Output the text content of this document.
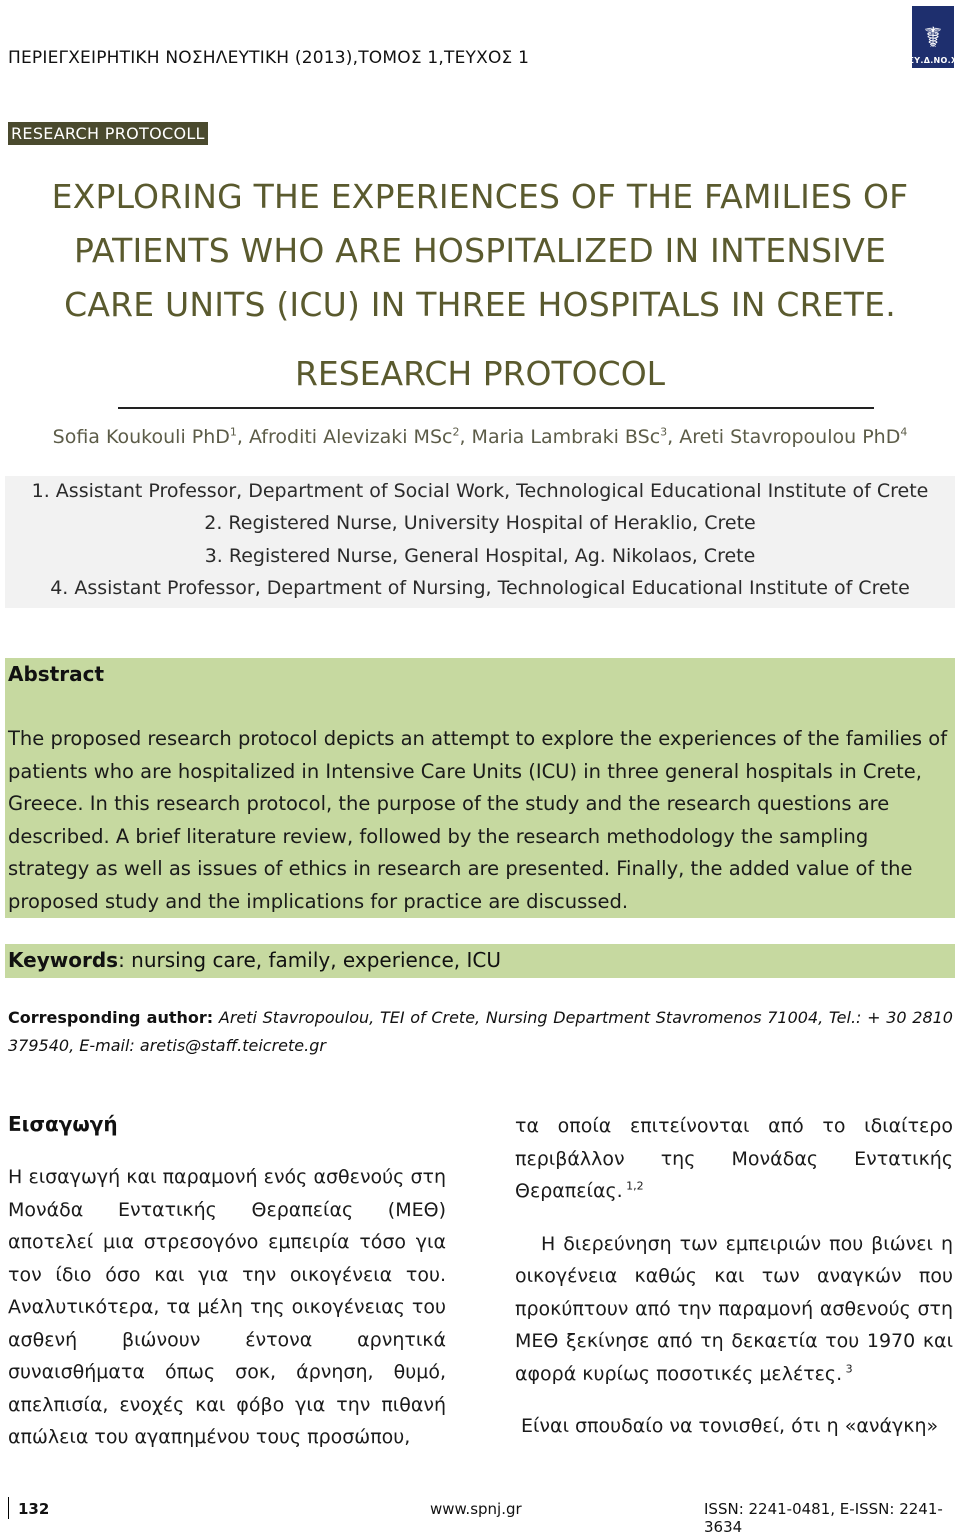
ΠΕΡΙΕΓΧΕΙΡΗΤΙΚΗ ΝΟΣΗΛΕΥΤΙΚΗ (2013),ΤΟΜΟΣ 1,ΤΕΥΧΟΣ 1
☤
ΣΥ.Δ.ΝΟ.Χ
RESEARCH PROTOCOLL
EXPLORING THE EXPERIENCES OF THE FAMILIES OF PATIENTS WHO ARE HOSPITALIZED IN INTENSIVE CARE UNITS (ICU) IN THREE HOSPITALS IN CRETE.
RESEARCH PROTOCOL
Sofia Koukouli PhD$^1$, Afroditi Alevizaki MSc$^2$, Maria Lambraki BSc$^3$, Areti Stavropoulou PhD$^4$
1. Assistant Professor, Department of Social Work, Technological Educational Institute of Crete
2. Registered Nurse, University Hospital of Heraklio, Crete
3. Registered Nurse, General Hospital, Ag. Nikolaos, Crete
4. Assistant Professor, Department of Nursing, Technological Educational Institute of Crete
Abstract
The proposed research protocol depicts an attempt to explore the experiences of the families of patients who are hospitalized in Intensive Care Units (ICU) in three general hospitals in Crete, Greece. In this research protocol, the purpose of the study and the research questions are described. A brief literature review, followed by the research methodology the sampling strategy as well as issues of ethics in research are presented. Finally, the added value of the proposed study and the implications for practice are discussed.
Keywords: nursing care, family, experience, ICU
Corresponding author: Areti Stavropoulou, TEI of Crete, Nursing Department Stavromenos 71004, Tel.: + 30 2810 379540, E-mail: aretis@staff.teicrete.gr
Εισαγωγή

Η εισαγωγή και παραμονή ενός ασθενούς στη Μονάδα Εντατικής Θεραπείας (ΜΕΘ) αποτελεί μια στρεσογόνο εμπειρία τόσο για τον ίδιο όσο και για την οικογένεια του. Αναλυτικότερα, τα μέλη της οικογένειας του ασθενή βιώνουν έντονα αρνητικά συναισθήματα όπως σοκ, άρνηση, θυμό, απελπισία, ενοχές και φόβο για την πιθανή απώλεια του αγαπημένου τους προσώπου,

τα οποία επιτείνονται από το ιδιαίτερο περιβάλλον της Μονάδας Εντατικής Θεραπείας. $^{1,2}$

Η διερεύνηση των εμπειριών που βιώνει η οικογένεια καθώς και των αναγκών που προκύπτουν από την παραμονή ασθενούς στη ΜΕΘ ξεκίνησε από τη δεκαετία του 1970 και αφορά κυρίως ποσοτικές μελέτες. $^3$

Είναι σπουδαίο να τονισθεί, ότι η «ανάγκη»

132	www.spnj.gr	ISSN: 2241-0481, E-ISSN: 2241-3634
